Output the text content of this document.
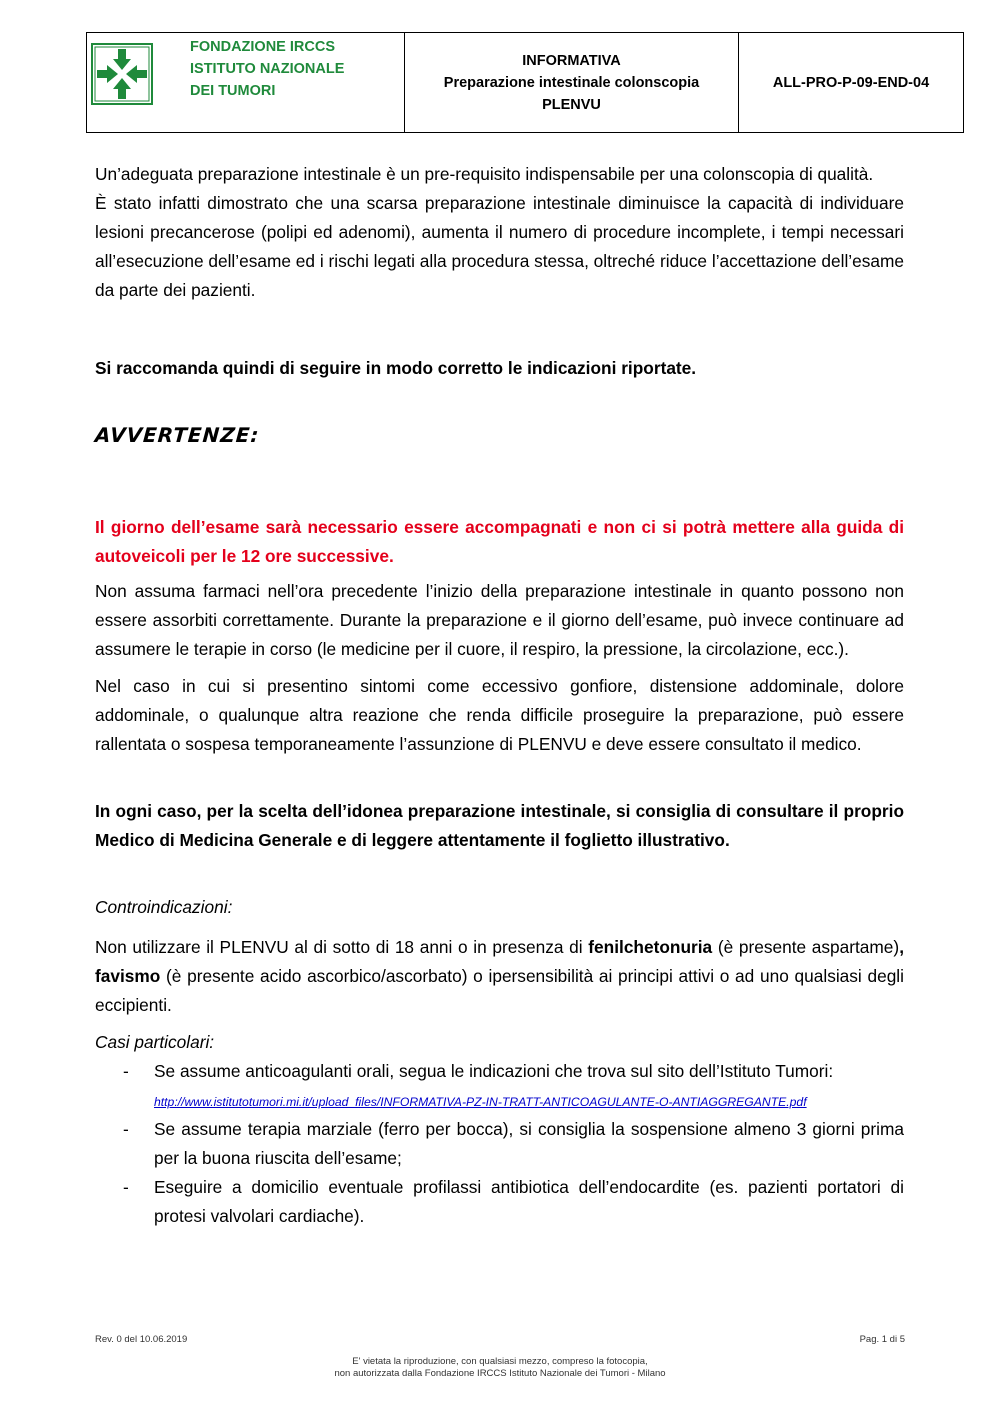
FONDAZIONE IRCCS
ISTITUTO NAZIONALE
DEI TUMORI
INFORMATIVA
Preparazione intestinale colonscopia
PLENVU
ALL-PRO-P-09-END-04

Un’adeguata preparazione intestinale è un pre-requisito indispensabile per una colonscopia di qualità.

È stato infatti dimostrato che una scarsa preparazione intestinale diminuisce la capacità di individuare lesioni precancerose (polipi ed adenomi), aumenta il numero di procedure incomplete, i tempi necessari all’esecuzione dell’esame ed i rischi legati alla procedura stessa, oltreché riduce l’accettazione dell’esame da parte dei pazienti.

Si raccomanda quindi di seguire in modo corretto le indicazioni riportate.

AVVERTENZE:

Il giorno dell’esame sarà necessario essere accompagnati e non ci si potrà mettere alla guida di autoveicoli per le 12 ore successive.

Non assuma farmaci nell’ora precedente l’inizio della preparazione intestinale in quanto possono non essere assorbiti correttamente. Durante la preparazione e il giorno dell’esame, può invece continuare ad assumere le terapie in corso (le medicine per il cuore, il respiro, la pressione, la circolazione, ecc.).

Nel caso in cui si presentino sintomi come eccessivo gonfiore, distensione addominale, dolore addominale, o qualunque altra reazione che renda difficile proseguire la preparazione, può essere rallentata o sospesa temporaneamente l’assunzione di PLENVU e deve essere consultato il medico.

In ogni caso, per la scelta dell’idonea preparazione intestinale, si consiglia di consultare il proprio Medico di Medicina Generale e di leggere attentamente il foglietto illustrativo.

Controindicazioni:

Non utilizzare il PLENVU al di sotto di 18 anni o in presenza di fenilchetonuria (è presente aspartame), favismo (è presente acido ascorbico/ascorbato) o ipersensibilità ai principi attivi o ad uno qualsiasi degli eccipienti.

Casi particolari:

- Se assume anticoagulanti orali, segua le indicazioni che trova sul sito dell’Istituto Tumori:
http://www.istitutotumori.mi.it/upload_files/INFORMATIVA-PZ-IN-TRATT-ANTICOAGULANTE-O-ANTIAGGREGANTE.pdf
- Se assume terapia marziale (ferro per bocca), si consiglia la sospensione almeno 3 giorni prima per la buona riuscita dell’esame;
- Eseguire a domicilio eventuale profilassi antibiotica dell’endocardite (es. pazienti portatori di protesi valvolari cardiache).
Rev. 0 del 10.06.2019	Pag. 1 di 5
E' vietata la riproduzione, con qualsiasi mezzo, compreso la fotocopia,
non autorizzata dalla Fondazione IRCCS Istituto Nazionale dei Tumori - Milano
